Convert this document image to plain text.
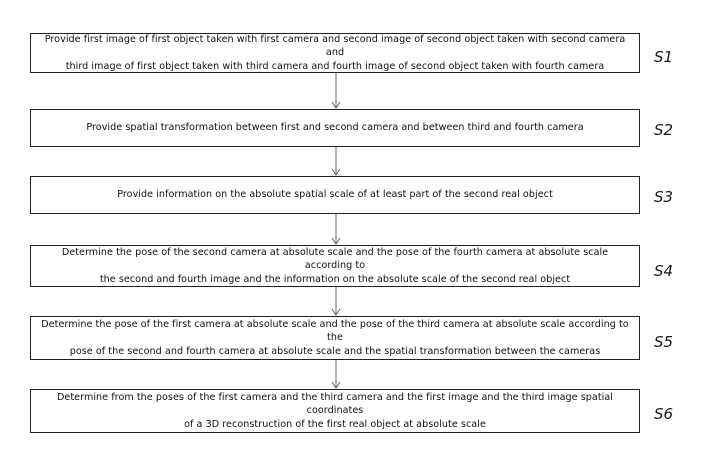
Provide first image of first object taken with first camera and second image of second object taken with second camera and
third image of first object taken with third camera and fourth image of second object taken with fourth camera
Provide spatial transformation between first and second camera and between third and fourth camera
Provide information on the absolute spatial scale of at least part of the second real object
Determine the pose of the second camera at absolute scale and the pose of the fourth camera at absolute scale according to
the second and fourth image and the information on the absolute scale of the second real object
Determine the pose of the first camera at absolute scale and the pose of the third camera at absolute scale according to the
pose of the second and fourth camera at absolute scale and the spatial transformation between the cameras
Determine from the poses of the first camera and the third camera and the first image and the third image spatial coordinates
of a 3D reconstruction of the first real object at absolute scale
S1
S2
S3
S4
S5
S6
